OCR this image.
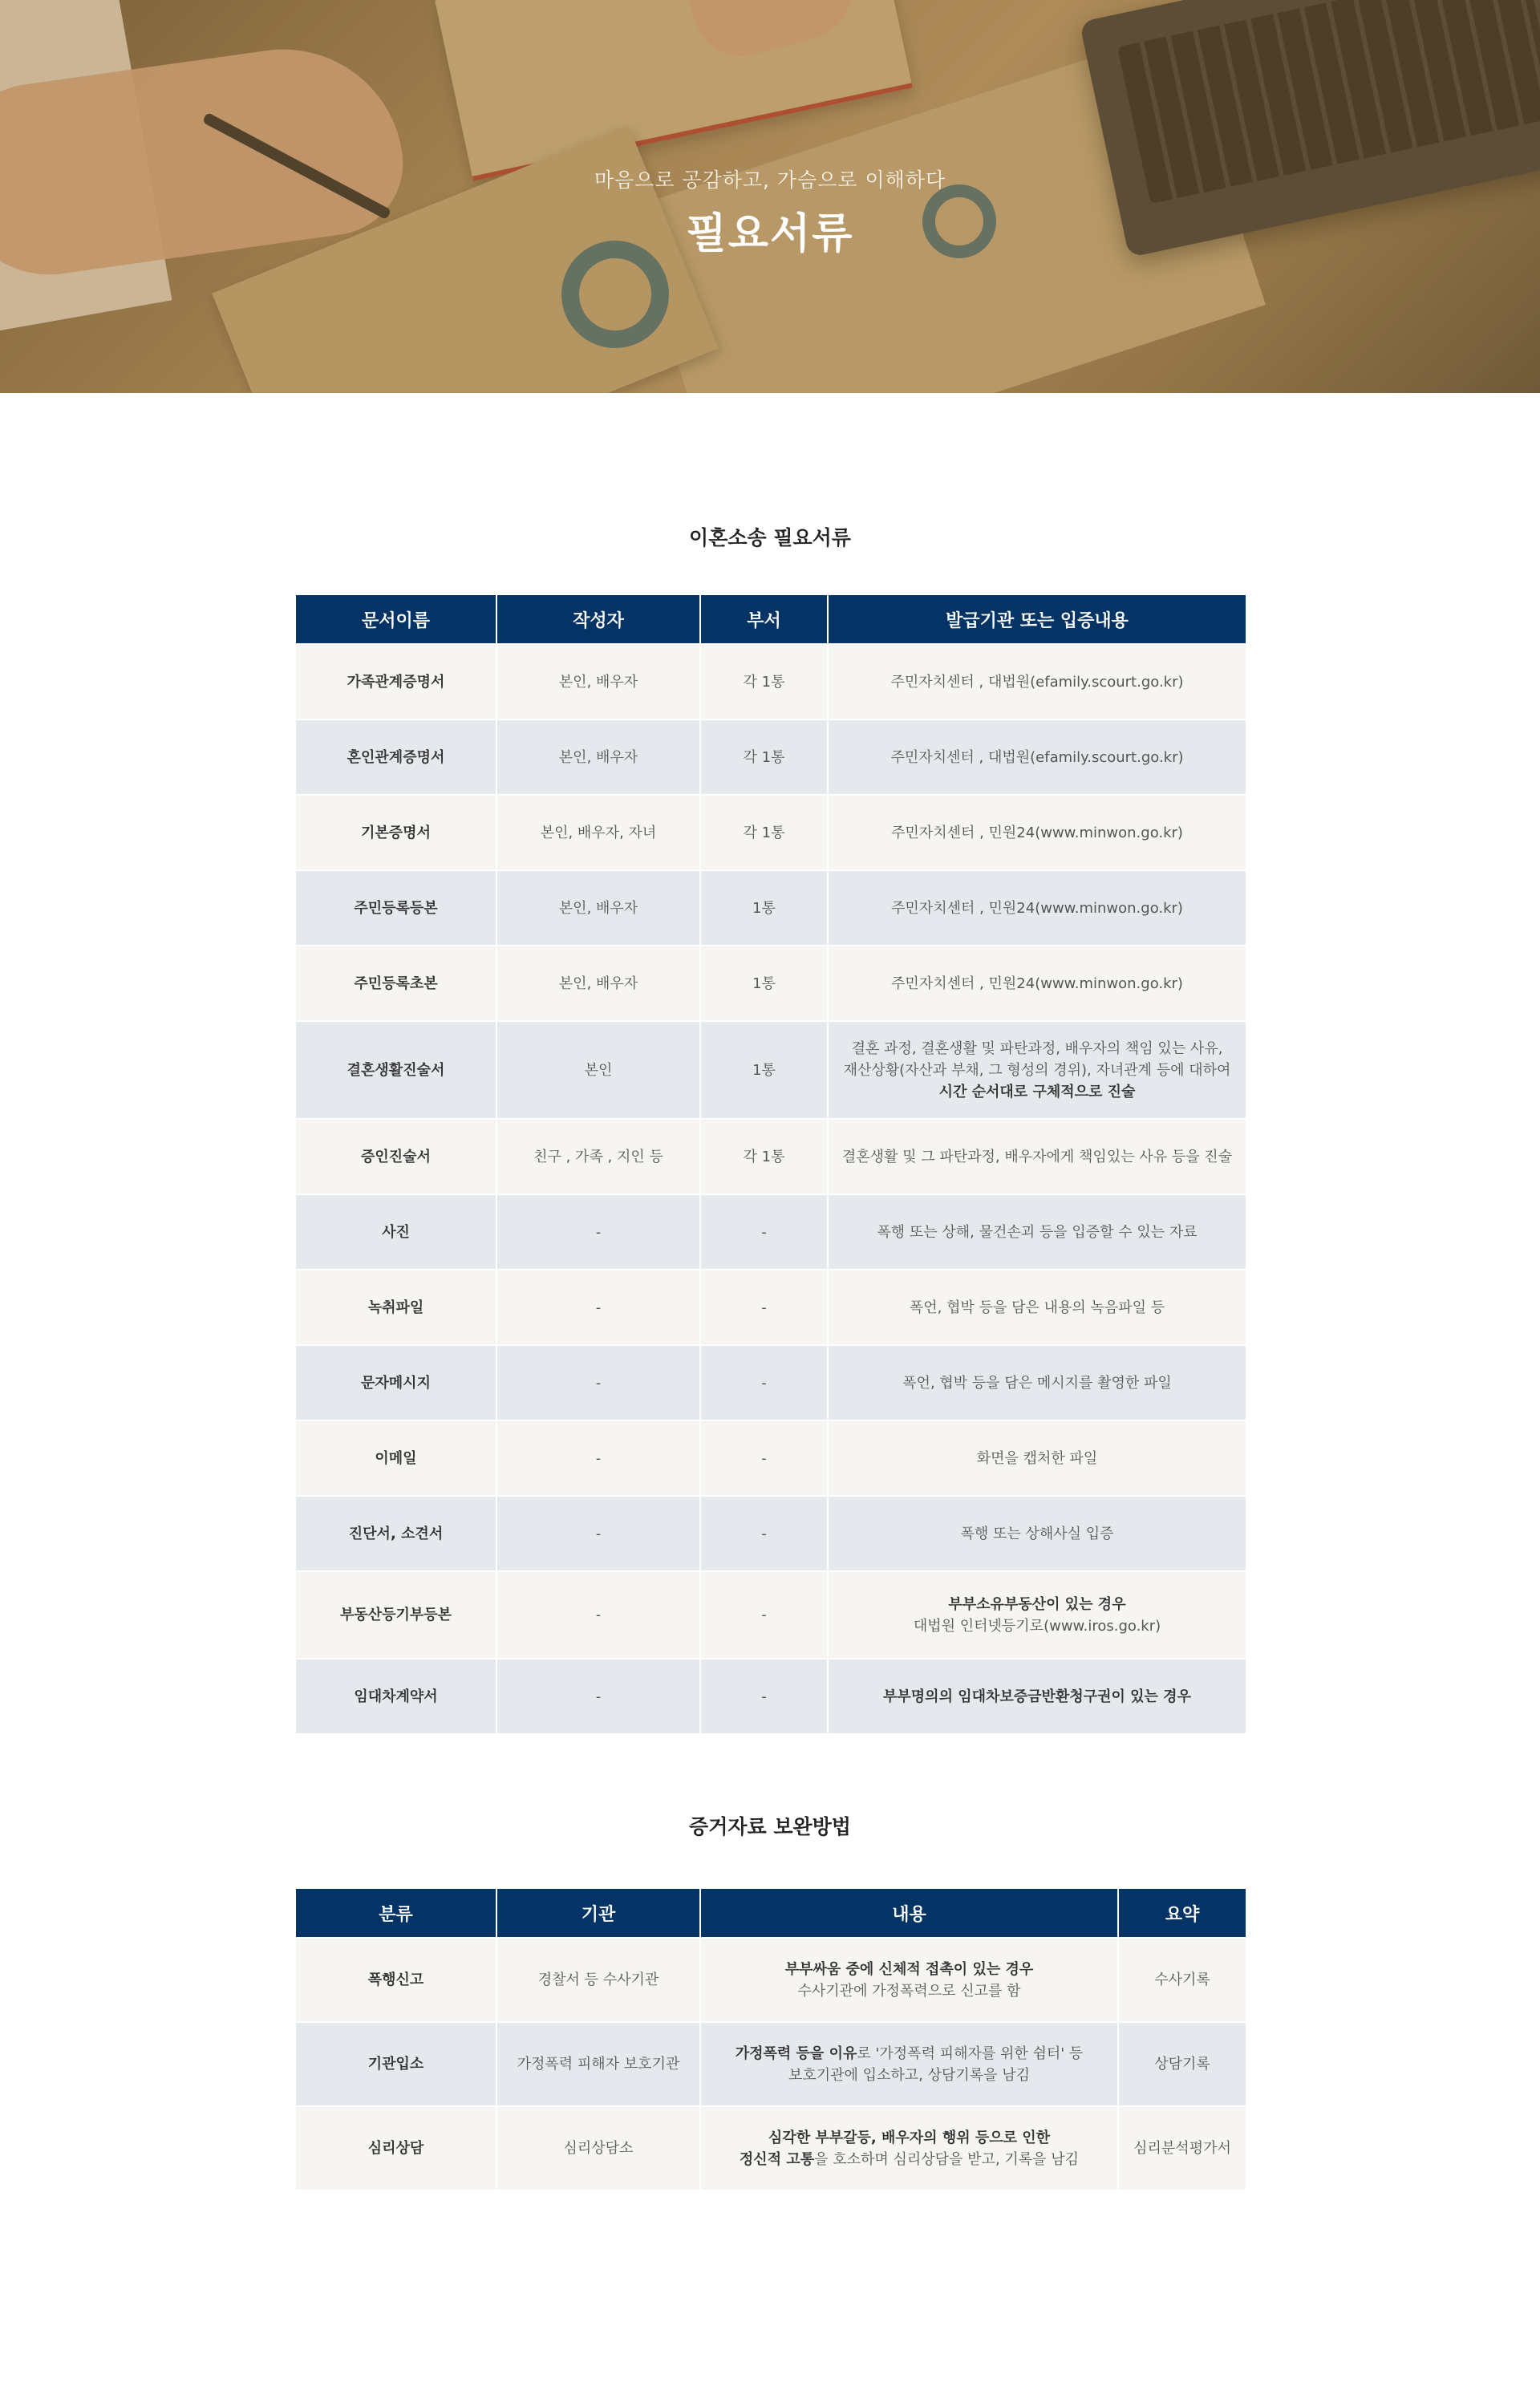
마음으로 공감하고, 가슴으로 이해하다
필요서류
이혼소송 필요서류
문서이름	작성자	부서	발급기관 또는 입증내용
가족관계증명서	본인, 배우자	각 1통	주민자치센터 , 대법원(efamily.scourt.go.kr)
혼인관계증명서	본인, 배우자	각 1통	주민자치센터 , 대법원(efamily.scourt.go.kr)
기본증명서	본인, 배우자, 자녀	각 1통	주민자치센터 , 민원24(www.minwon.go.kr)
주민등록등본	본인, 배우자	1통	주민자치센터 , 민원24(www.minwon.go.kr)
주민등록초본	본인, 배우자	1통	주민자치센터 , 민원24(www.minwon.go.kr)
결혼생활진술서	본인	1통	결혼 과정, 결혼생활 및 파탄과정, 배우자의 책임 있는 사유,
재산상황(자산과 부채, 그 형성의 경위), 자녀관계 등에 대하여
시간 순서대로 구체적으로 진술

증인진술서	친구 , 가족 , 지인 등	각 1통	결혼생활 및 그 파탄과정, 배우자에게 책임있는 사유 등을 진술
사진	-	-	폭행 또는 상해, 물건손괴 등을 입증할 수 있는 자료
녹취파일	-	-	폭언, 협박 등을 담은 내용의 녹음파일 등
문자메시지	-	-	폭언, 협박 등을 담은 메시지를 촬영한 파일
이메일	-	-	화면을 캡처한 파일
진단서, 소견서	-	-	폭행 또는 상해사실 입증
부동산등기부등본	-	-	부부소유부동산이 있는 경우
대법원 인터넷등기로(www.iros.go.kr)

임대차계약서	-	-	부부명의의 임대차보증금반환청구권이 있는 경우
증거자료 보완방법
분류	기관	내용	요약
폭행신고	경찰서 등 수사기관	부부싸움 중에 신체적 접촉이 있는 경우
수사기관에 가정폭력으로 신고를 함	수사기록
기관입소	가정폭력 피해자 보호기관	가정폭력 등을 이유로 '가정폭력 피해자를 위한 쉼터' 등
보호기관에 입소하고, 상담기록을 남김	상담기록
심리상담	심리상담소	심각한 부부갈등, 배우자의 행위 등으로 인한
정신적 고통을 호소하며 심리상담을 받고, 기록을 남김	심리분석평가서
